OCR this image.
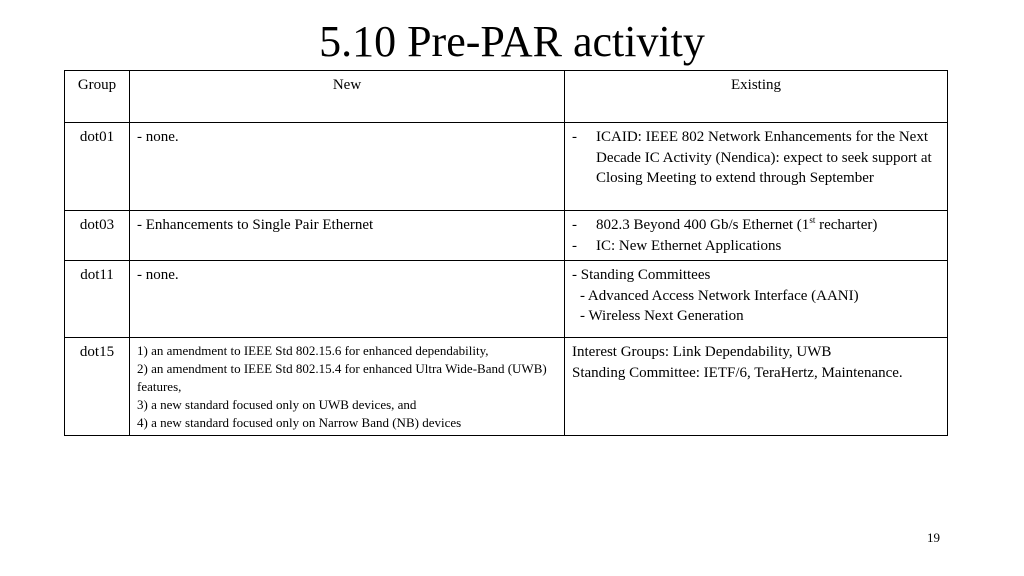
5.10 Pre-PAR activity
Group	New	Existing
dot01	- none.	- ICAID: IEEE 802 Network Enhancements for the Next Decade IC Activity (Nendica): expect to seek support at Closing Meeting to extend through September

dot03	- Enhancements to Single Pair Ethernet	- 802.3 Beyond 400 Gb/s Ethernet (1st recharter)
- IC: New Ethernet Applications

dot11	- none.	- Standing Committees
- Advanced Access Network Interface (AANI)
- Wireless Next Generation

dot15	1) an amendment to IEEE Std 802.15.6 for enhanced dependability,
2) an amendment to IEEE Std 802.15.4 for enhanced Ultra Wide-Band (UWB) features,
3) a new standard focused only on UWB devices, and
4) a new standard focused only on Narrow Band (NB) devices	Interest Groups: Link Dependability, UWB
Standing Committee: IETF/6, TeraHertz, Maintenance.
19
